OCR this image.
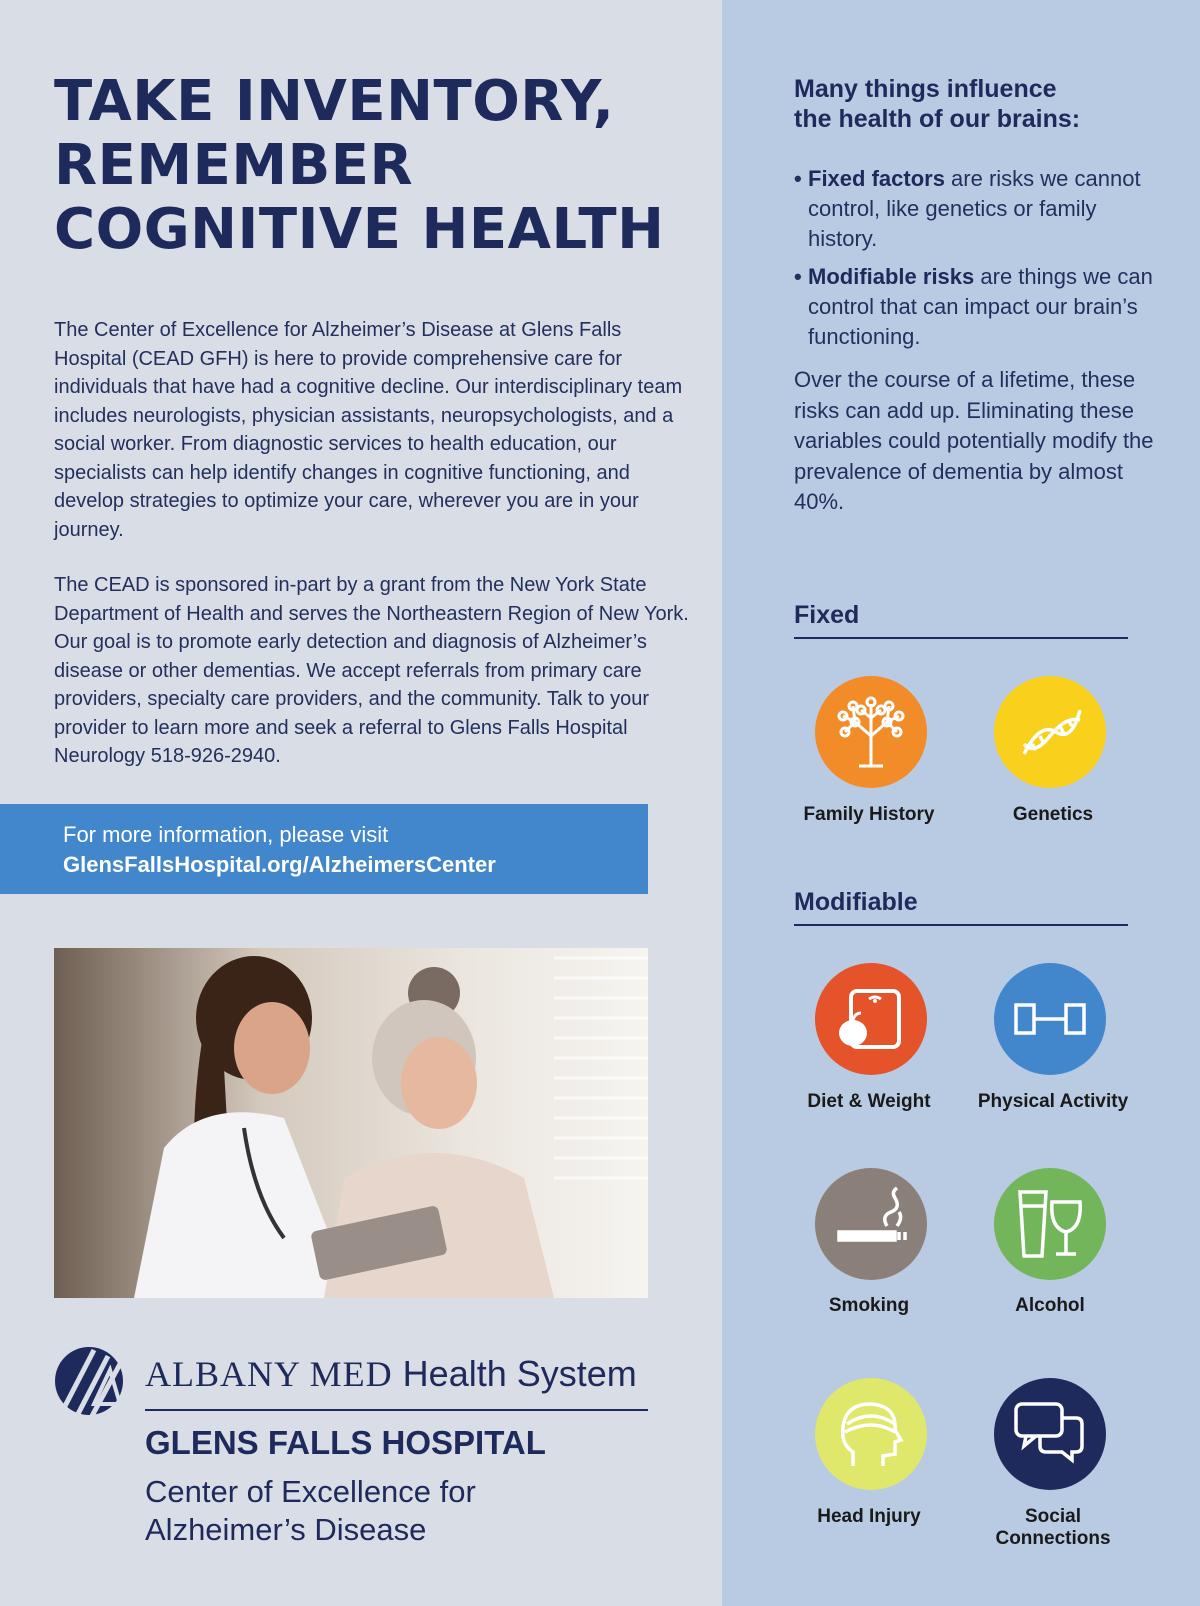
TAKE INVENTORY,
REMEMBER
COGNITIVE HEALTH
The Center of Excellence for Alzheimer’s Disease at Glens Falls Hospital (CEAD GFH) is here to provide comprehensive care for individuals that have had a cognitive decline. Our interdisciplinary team includes neurologists, physician assistants, neuropsychologists, and a social worker. From diagnostic services to health education, our specialists can help identify changes in cognitive functioning, and develop strategies to optimize your care, wherever you are in your journey.
The CEAD is sponsored in-part by a grant from the New York State Department of Health and serves the Northeastern Region of New York. Our goal is to promote early detection and diagnosis of Alzheimer’s disease or other dementias. We accept referrals from primary care providers, specialty care providers, and the community. Talk to your provider to learn more and seek a referral to Glens Falls Hospital Neurology 518-926-2940.
For more information, please visit
GlensFallsHospital.org/AlzheimersCenter
ALBANY MED Health System
GLENS FALLS HOSPITAL
Center of Excellence for
Alzheimer’s Disease
Many things influence
the health of our brains:
• Fixed factors are risks we cannot control, like genetics or family history.
• Modifiable risks are things we can control that can impact our brain’s functioning.
Over the course of a lifetime, these risks can add up. Eliminating these variables could potentially modify the prevalence of dementia by almost 40%.
Fixed
Family History	Genetics
Modifiable
Diet & Weight	Physical Activity
Smoking	Alcohol
Head Injury	Social
Connections
